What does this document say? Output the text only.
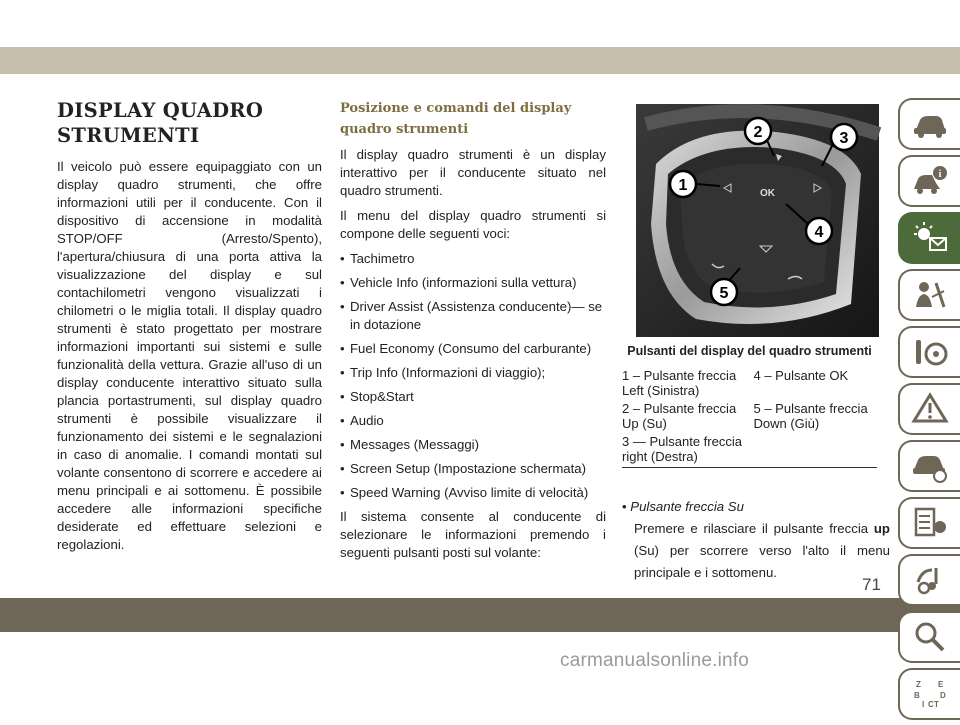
DISPLAY QUADRO STRUMENTI

Il veicolo può essere equipaggiato con un display quadro strumenti, che offre informazioni utili per il conducente. Con il dispositivo di accensione in modalità STOP/OFF (Arresto/Spento), l'apertura/chiusura di una porta attiva la visualizzazione del display e sul contachilometri vengono visualizzati i chilometri o le miglia totali. Il display quadro strumenti è stato progettato per mostrare informazioni importanti sui sistemi e sulle funzionalità della vettura. Grazie all'uso di un display conducente interattivo situato sulla plancia portastrumenti, sul display quadro strumenti è possibile visualizzare il funzionamento dei sistemi e le segnalazioni in caso di anomalie. I comandi montati sul volante consentono di scorrere e accedere ai menu principali e ai sottomenu. È possibile accedere alle informazioni specifiche desiderate ed effettuare selezioni e regolazioni.

Posizione e comandi del display quadro strumenti

Il display quadro strumenti è un display interattivo per il conducente situato nel quadro strumenti.

Il menu del display quadro strumenti si compone delle seguenti voci:

• Tachimetro
• Vehicle Info (informazioni sulla vettura)
• Driver Assist (Assistenza conducente)— se in dotazione
• Fuel Economy (Consumo del carburante)
• Trip Info (Informazioni di viaggio);
• Stop&Start
• Audio
• Messages (Messaggi)
• Screen Setup (Impostazione schermata)
• Speed Warning (Avviso limite di velocità)

Il sistema consente al conducente di selezionare le informazioni premendo i seguenti pulsanti posti sul volante:

OK
1
2	3
4
5
Pulsanti del display del quadro strumenti
1 – Pulsante freccia Left (Sinistra)
4 – Pulsante OK
2 – Pulsante freccia Up (Su)
5 – Pulsante freccia Down (Giù)
3 — Pulsante freccia right (Destra)
• Pulsante freccia Su
Premere e rilasciare il pulsante freccia up (Su) per scorrere verso l'alto il menu principale e i sottomenu.
i
Z E
B	D
I C T
71
carmanualsonline.info
